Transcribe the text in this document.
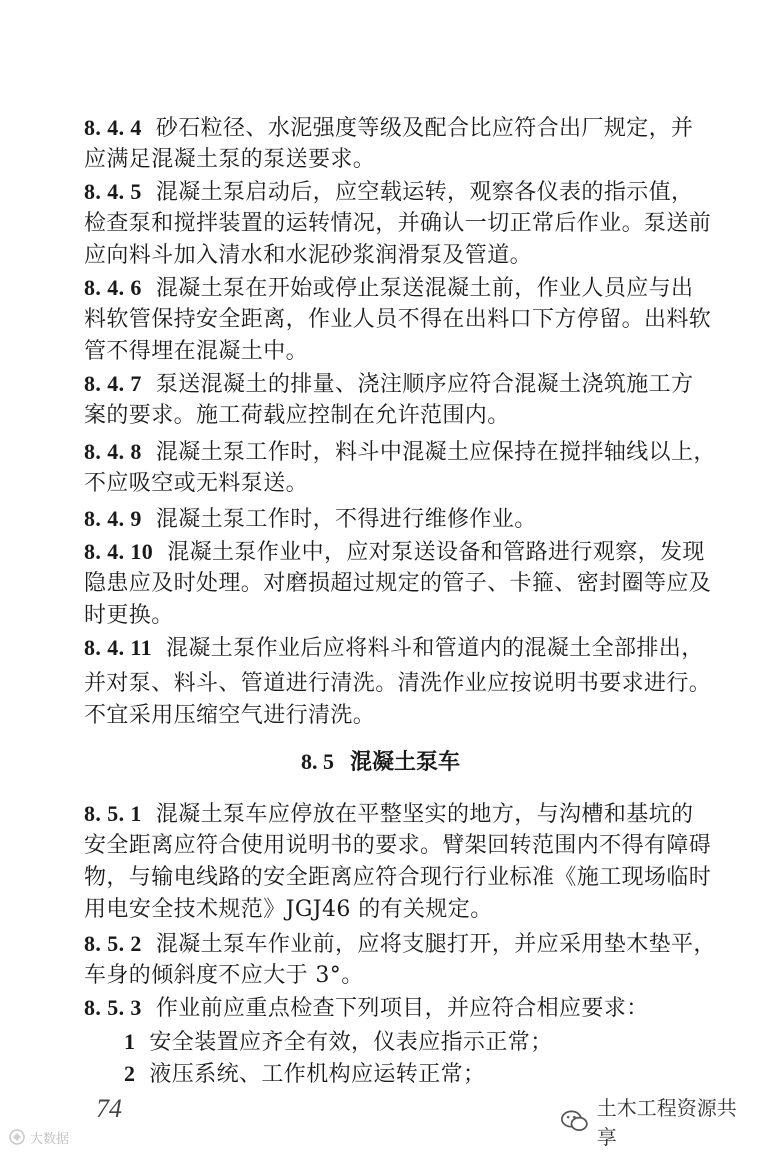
8. 4. 4 砂石粒径、水泥强度等级及配合比应符合出厂规定，并
应满足混凝土泵的泵送要求。
8. 4. 5 混凝土泵启动后，应空载运转，观察各仪表的指示值，
检查泵和搅拌装置的运转情况，并确认一切正常后作业。泵送前
应向料斗加入清水和水泥砂浆润滑泵及管道。
8. 4. 6 混凝土泵在开始或停止泵送混凝土前，作业人员应与出
料软管保持安全距离，作业人员不得在出料口下方停留。出料软
管不得埋在混凝土中。
8. 4. 7 泵送混凝土的排量、浇注顺序应符合混凝土浇筑施工方
案的要求。施工荷载应控制在允许范围内。
8. 4. 8 混凝土泵工作时，料斗中混凝土应保持在搅拌轴线以上，
不应吸空或无料泵送。
8. 4. 9 混凝土泵工作时，不得进行维修作业。
8. 4. 10 混凝土泵作业中，应对泵送设备和管路进行观察，发现
隐患应及时处理。对磨损超过规定的管子、卡箍、密封圈等应及
时更换。
8. 4. 11 混凝土泵作业后应将料斗和管道内的混凝土全部排出，
并对泵、料斗、管道进行清洗。清洗作业应按说明书要求进行。
不宜采用压缩空气进行清洗。
8. 5 混凝土泵车
8. 5. 1 混凝土泵车应停放在平整坚实的地方，与沟槽和基坑的
安全距离应符合使用说明书的要求。臂架回转范围内不得有障碍
物，与输电线路的安全距离应符合现行行业标准《施工现场临时
用电安全技术规范》JGJ46 的有关规定。
8. 5. 2 混凝土泵车作业前，应将支腿打开，并应采用垫木垫平，
车身的倾斜度不应大于 3°。
8. 5. 3 作业前应重点检查下列项目，并应符合相应要求：
1 安全装置应齐全有效，仪表应指示正常；
2 液压系统、工作机构应运转正常；
74	土木工程资源共享
大数据
